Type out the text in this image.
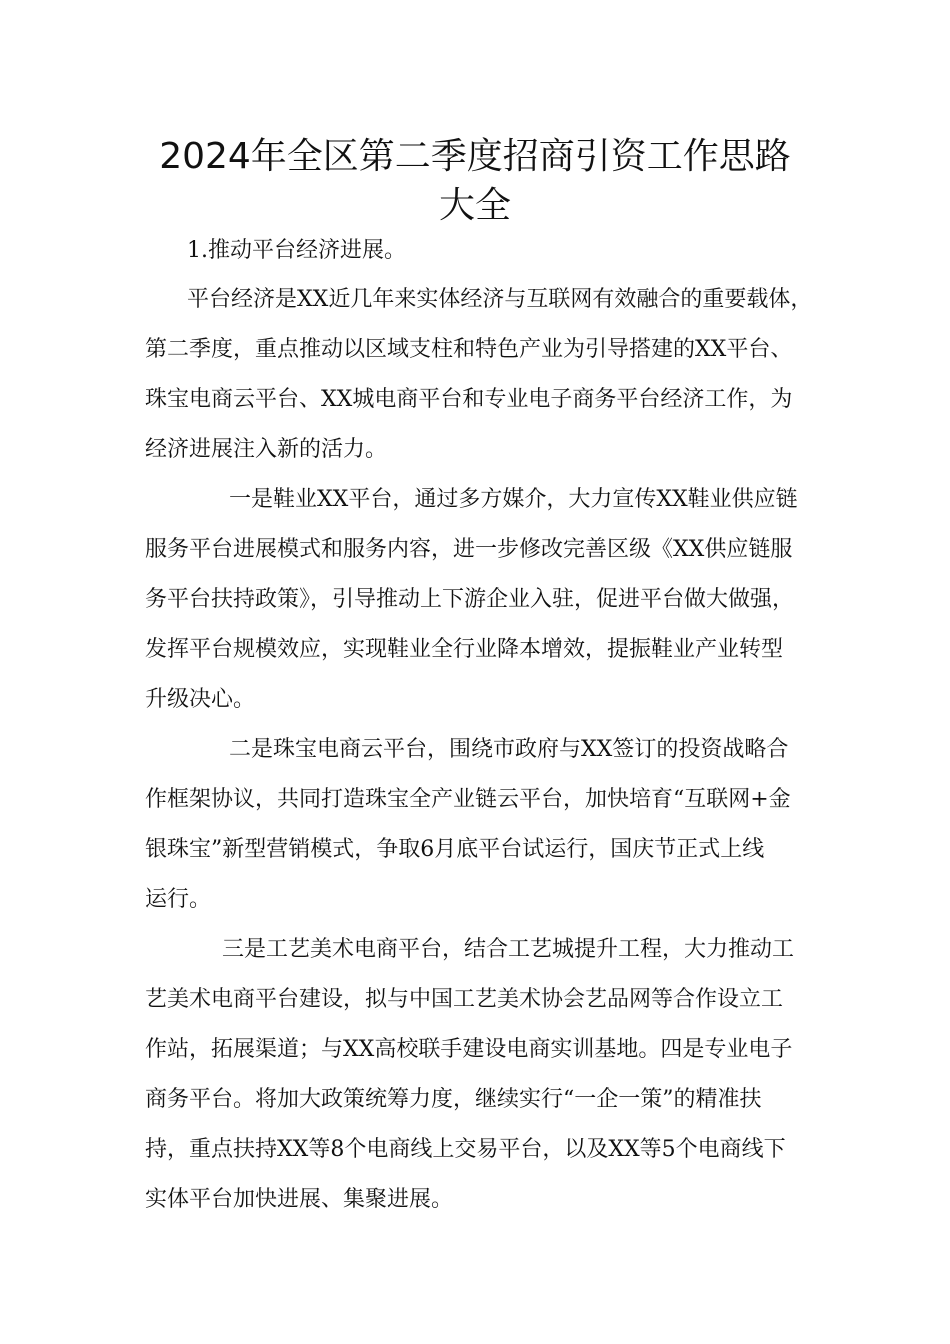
2024年全区第二季度招商引资工作思路
大全

1.推动平台经济进展。

平台经济是XX近几年来实体经济与互联网有效融合的重要载体，

第二季度，重点推动以区域支柱和特色产业为引导搭建的XX平台、

珠宝电商云平台、XX城电商平台和专业电子商务平台经济工作，为

经济进展注入新的活力。

一是鞋业XX平台，通过多方媒介，大力宣传XX鞋业供应链

服务平台进展模式和服务内容，进一步修改完善区级《XX供应链服

务平台扶持政策》，引导推动上下游企业入驻，促进平台做大做强，

发挥平台规模效应，实现鞋业全行业降本增效，提振鞋业产业转型

升级决心。

二是珠宝电商云平台，围绕市政府与XX签订的投资战略合

作框架协议，共同打造珠宝全产业链云平台，加快培育“互联网+金

银珠宝”新型营销模式，争取6月底平台试运行，国庆节正式上线

运行。

三是工艺美术电商平台，结合工艺城提升工程，大力推动工

艺美术电商平台建设，拟与中国工艺美术协会艺品网等合作设立工

作站，拓展渠道；与XX高校联手建设电商实训基地。四是专业电子

商务平台。将加大政策统筹力度，继续实行“一企一策”的精准扶

持，重点扶持XX等8个电商线上交易平台，以及XX等5个电商线下

实体平台加快进展、集聚进展。
